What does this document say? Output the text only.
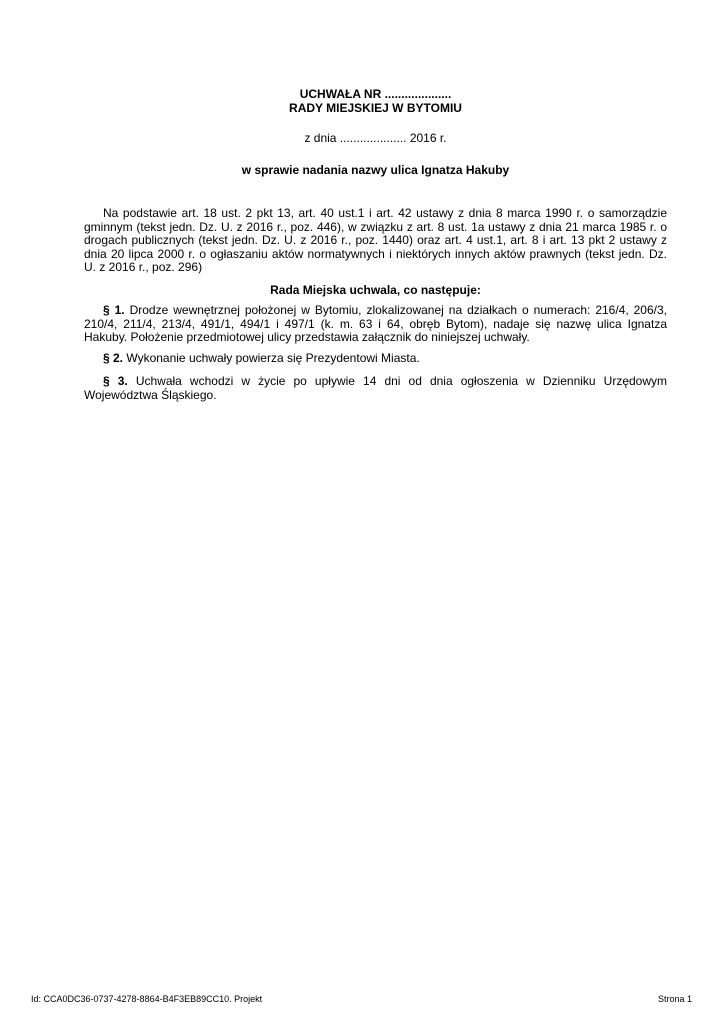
UCHWAŁA NR ....................
RADY MIEJSKIEJ W BYTOMIU
z dnia .................... 2016 r.
w sprawie nadania nazwy ulica Ignatza Hakuby

Na podstawie art. 18 ust. 2 pkt 13, art. 40 ust.1 i art. 42 ustawy z dnia 8 marca 1990 r. o samorządzie gminnym (tekst jedn. Dz. U. z 2016 r., poz. 446), w związku z art. 8 ust. 1a ustawy z dnia 21 marca 1985 r. o drogach publicznych (tekst jedn. Dz. U. z 2016 r., poz. 1440) oraz art. 4 ust.1, art. 8 i art. 13 pkt 2 ustawy z dnia 20 lipca 2000 r. o ogłaszaniu aktów normatywnych i niektórych innych aktów prawnych (tekst jedn. Dz. U. z 2016 r., poz. 296)

Rada Miejska uchwala, co następuje:

§ 1. Drodze wewnętrznej położonej w Bytomiu, zlokalizowanej na działkach o numerach: 216/4, 206/3, 210/4, 211/4, 213/4, 491/1, 494/1 i 497/1 (k. m. 63 i 64, obręb Bytom), nadaje się nazwę ulica Ignatza Hakuby. Położenie przedmiotowej ulicy przedstawia załącznik do niniejszej uchwały.

§ 2. Wykonanie uchwały powierza się Prezydentowi Miasta.

§ 3. Uchwała wchodzi w życie po upływie 14 dni od dnia ogłoszenia w Dzienniku Urzędowym Województwa Śląskiego.

Id: CCA0DC36-0737-4278-8864-B4F3EB89CC10. Projekt	Strona 1
